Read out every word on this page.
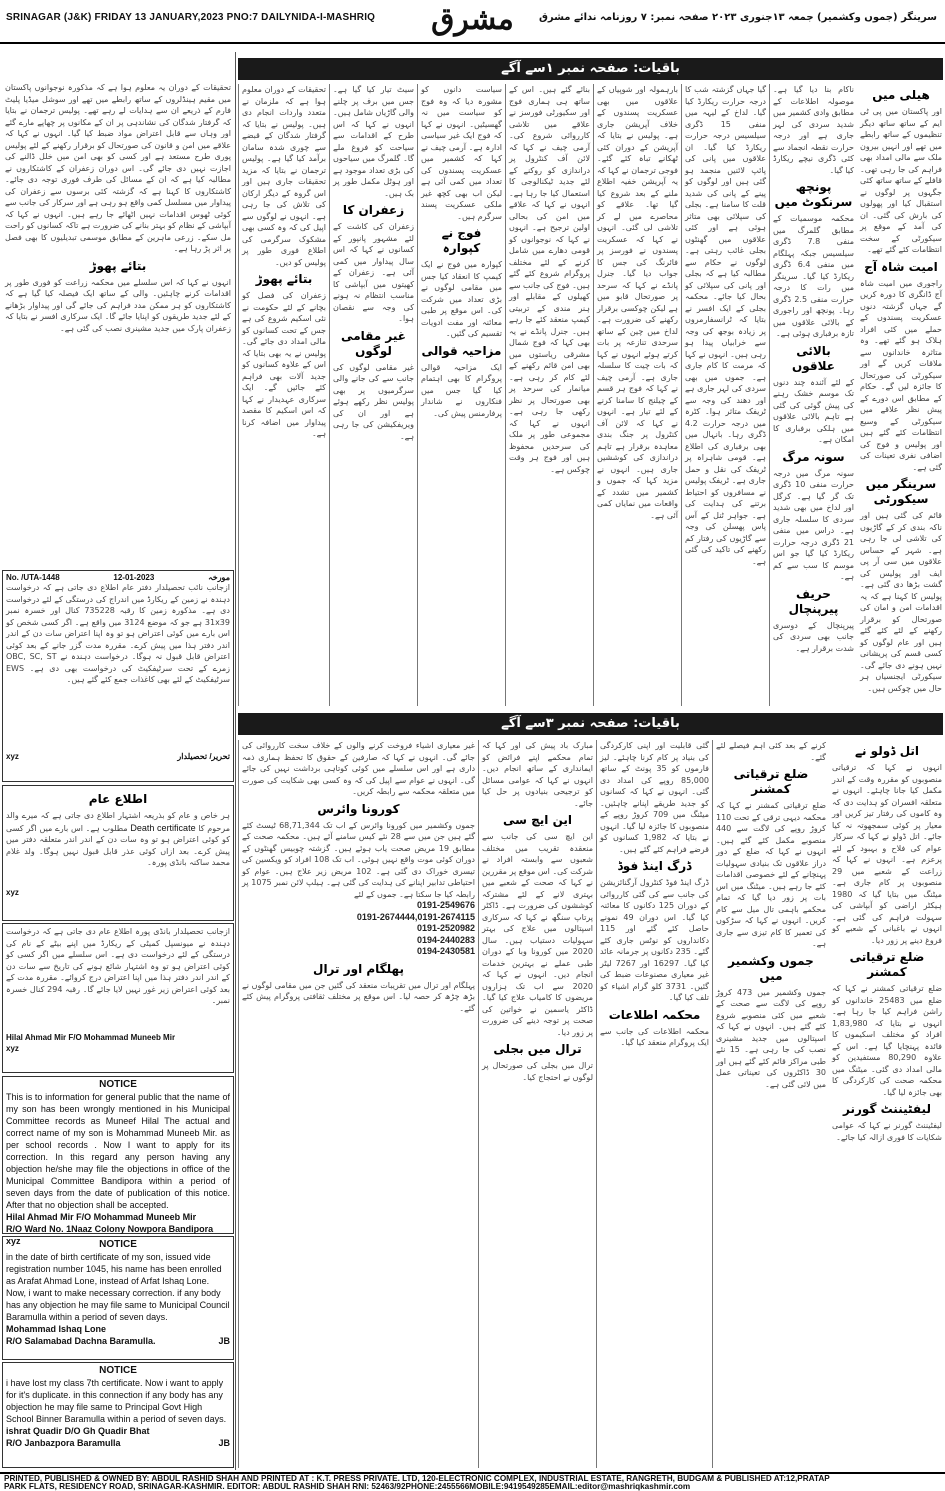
SRINAGAR (J&K) FRIDAY 13 JANUARY,2023 PNO:7 DAILYNIDA-I-MASHRIQ مشرق	سرینگر (جموں وکشمیر) جمعہ ۱۳جنوری ۲۰۲۳ صفحہ نمبر: ۷ روزنامہ ندائے مشرق
تحقیقات کے دوران یہ معلوم ہوا ہے کہ مذکورہ نوجوانوں پاکستان میں مقیم ہینڈلروں کے ساتھ رابطے میں تھے اور سوشل میڈیا پلیٹ فارم کے ذریعے ان سے ہدایات لے رہے تھے۔ پولیس ترجمان نے بتایا کہ گرفتار شدگان کی نشاندہی پر ان کے مکانوں پر چھاپے مارے گئے اور وہاں سے قابل اعتراض مواد ضبط کیا گیا۔ انہوں نے کہا کہ علاقے میں امن و قانون کی صورتحال کو برقرار رکھنے کے لئے پولیس پوری طرح مستعد ہے اور کسی کو بھی امن میں خلل ڈالنے کی اجازت نہیں دی جائے گی۔ اس دوران زعفران کے کاشتکاروں نے مطالبہ کیا ہے کہ ان کے مسائل کی طرف فوری توجہ دی جائے۔ کاشتکاروں کا کہنا ہے کہ گزشتہ کئی برسوں سے زعفران کی پیداوار میں مسلسل کمی واقع ہو رہی ہے اور سرکار کی جانب سے کوئی ٹھوس اقدامات نہیں اٹھائے جا رہے ہیں۔ انہوں نے کہا کہ آبپاشی کے نظام کو بہتر بنانے کی ضرورت ہے تاکہ کسانوں کو راحت مل سکے۔ زرعی ماہرین کے مطابق موسمی تبدیلیوں کا بھی فصل پر اثر پڑ رہا ہے۔
بتائے پھوڑ
انہوں نے کہا کہ اس سلسلے میں محکمہ زراعت کو فوری طور پر اقدامات کرنے چاہئیں۔ والی کے ساتھ ایک فیصلہ کیا گیا ہے کہ کاشتکاروں کو ہر ممکن مدد فراہم کی جائے گی اور پیداوار بڑھانے کے لئے جدید طریقوں کو اپنایا جائے گا۔ ایک سرکاری افسر نے بتایا کہ زعفران پارک میں جدید مشینری نصب کی گئی ہے۔
No. /UTA-1448	12-01-2023	مورخہ
ازجانب نائب تحصیلدار دفتر عام اطلاع دی جاتی ہے کہ درخواست دہندہ نے زمین کے ریکارڈ میں اندراج کی درستگی کے لئے درخواست دی ہے۔ مذکورہ زمین کا رقبہ 735228 کنال اور خسرہ نمبر 31x39 ہے جو کہ موضع 3124 میں واقع ہے۔ اگر کسی شخص کو اس بارے میں کوئی اعتراض ہو تو وہ اپنا اعتراض سات دن کے اندر اندر دفتر ہذا میں پیش کرے۔ مقررہ مدت گزر جانے کے بعد کوئی اعتراض قابل قبول نہ ہوگا۔ درخواست دہندہ نے OBC, SC, ST زمرے کے تحت سرٹیفکیٹ کی درخواست بھی دی ہے۔ EWS سرٹیفکیٹ کے لئے بھی کاغذات جمع کئے گئے ہیں۔
xyz	تحریر/ تحصیلدار
اطلاع عام
ہر خاص و عام کو بذریعہ اشتہار اطلاع دی جاتی ہے کہ میرے والد مرحوم کا Death certificate مطلوب ہے۔ اس بارے میں اگر کسی کو کوئی اعتراض ہو تو وہ سات دن کے اندر اندر متعلقہ دفتر میں پیش کرے۔ بعد ازاں کوئی عذر قابل قبول نہیں ہوگا۔ ولد غلام محمد ساکنہ بانڈی پورہ۔
xyz
ازجانب تحصیلدار بانڈی پورہ اطلاع عام دی جاتی ہے کہ درخواست دہندہ نے میونسپل کمیٹی کے ریکارڈ میں اپنے بیٹے کے نام کی درستگی کے لئے درخواست دی ہے۔ اس سلسلے میں اگر کسی کو کوئی اعتراض ہو تو وہ اشتہار شائع ہونے کی تاریخ سے سات دن کے اندر اندر دفتر ہذا میں اپنا اعتراض درج کروائے۔ مقررہ مدت کے بعد کوئی اعتراض زیر غور نہیں لایا جائے گا۔ رقبہ 294 کنال خسرہ نمبر۔
Hilal Ahmad Mir F/O Mohammad Muneeb Mir
xyz
NOTICE
This is to information for general public that the name of my son has been wrongly mentioned in his Municipal Committee records as Muneef Hilal The actual and correct name of my son is Mohammad Muneeb Mir. as per school records . Now I want to apply for its correction. In this regard any person having any objection he/she may file the objections in office of the Municipal Committee Bandipora within a period of seven days from the date of publication of this notice. After that no objection shall be accepted.
Hilal Ahmad Mir F/O Mohammad Muneeb Mir
R/O Ward No. 1Naaz Colony Nowpora Bandipora xyz	NOTICE
in the date of birth certificate of my son, issued vide registration number 1045, his name has been enrolled as Arafat Ahmad Lone, instead of Arfat Ishaq Lone. Now, i want to make necessary correction. if any body has any objection he may file same to Municipal Council Baramulla within a period of seven days.
Mohammad Ishaq Lone
R/O Salamabad Dachna Baramulla.	JB
NOTICE
i have lost my class 7th certificate. Now i want to apply for it's duplicate. in this connection if any body has any objection he may file same to Principal Govt High School Binner Baramulla within a period of seven days.
ishrat Quadir D/O Gh Quadir Bhat
R/O Janbazpora Baramulla	JB
باقیات: صفحہ نمبر ۱سے آگے
ھیلی میں
اور پاکستان میں پی ٹی ایم کے ساتھ ساتھ دیگر تنظیموں کے ساتھ رابطے میں تھے اور انہیں بیرون ملک سے مالی امداد بھی فراہم کی جا رہی تھی۔ قافلے کے ساتھ ساتھ کئی جگہوں پر لوگوں نے استقبال کیا اور پھولوں کی بارش کی گئی۔ ان کی آمد کے موقع پر سیکورٹی کے سخت انتظامات کئے گئے تھے۔
امیت شاہ آج
راجوری میں امیت شاہ آج ڈانگری کا دورہ کریں گے جہاں گزشتہ دنوں عسکریت پسندوں کے حملے میں کئی افراد ہلاک ہو گئے تھے۔ وہ متاثرہ خاندانوں سے ملاقات کریں گے اور سیکورٹی کی صورتحال کا جائزہ لیں گے۔ حکام کے مطابق اس دورے کے پیش نظر علاقے میں سیکورٹی کے وسیع انتظامات کئے گئے ہیں اور پولیس و فوج کی اضافی نفری تعینات کی گئی ہے۔
سرینگر میں سیکورٹی
قائم کی گئی ہیں اور ناکہ بندی کر کے گاڑیوں کی تلاشی لی جا رہی ہے۔ شہر کے حساس علاقوں میں سی آر پی ایف اور پولیس کی گشت بڑھا دی گئی ہے۔ پولیس کا کہنا ہے کہ یہ اقدامات امن و امان کی صورتحال کو برقرار رکھنے کے لئے کئے گئے ہیں اور عام لوگوں کو کسی قسم کی پریشانی نہیں ہونے دی جائے گی۔ سیکورٹی ایجنسیاں ہر حال میں چوکس ہیں۔
ناکام بنا دیا گیا ہے۔ موصولہ اطلاعات کے مطابق وادی کشمیر میں شدید سردی کی لہر جاری ہے اور درجہ حرارت نقطہ انجماد سے کئی ڈگری نیچے ریکارڈ کیا گیا۔
پونچھ سرنکوٹ میں
محکمہ موسمیات کے مطابق گلمرگ میں منفی 7.8 ڈگری سیلسیس جبکہ پہلگام میں منفی 6.4 ڈگری ریکارڈ کیا گیا۔ سرینگر میں رات کا درجہ حرارت منفی 2.5 ڈگری رہا۔ پونچھ اور راجوری کے بالائی علاقوں میں تازہ برفباری ہوئی ہے۔
بالائی علاقوں
کے لئے آئندہ چند دنوں تک موسم خشک رہنے کی پیش گوئی کی گئی ہے تاہم بالائی علاقوں میں ہلکی برفباری کا امکان ہے۔
سونہ مرگ
سونہ مرگ میں درجہ حرارت منفی 10 ڈگری تک گر گیا ہے۔ کرگل اور لداخ میں بھی شدید سردی کا سلسلہ جاری ہے۔ دراس میں منفی 21 ڈگری درجہ حرارت ریکارڈ کیا گیا جو اس موسم کا سب سے کم ہے۔
حریف پیرپنچال
پیرپنچال کے دوسری جانب بھی سردی کی شدت برقرار ہے۔
گیا جہاں گزشتہ شب کا درجہ حرارت ریکارڈ کیا گیا۔ لداخ کے لیہہ میں منفی 15 ڈگری سیلسیس درجہ حرارت ریکارڈ کیا گیا۔ ان علاقوں میں پانی کی پائپ لائنیں منجمد ہو گئی ہیں اور لوگوں کو پینے کے پانی کی شدید قلت کا سامنا ہے۔ بجلی کی سپلائی بھی متاثر ہوئی ہے اور کئی علاقوں میں گھنٹوں بجلی غائب رہتی ہے۔ لوگوں نے حکام سے مطالبہ کیا ہے کہ بجلی اور پانی کی سپلائی کو بحال کیا جائے۔ محکمہ بجلی کے ایک افسر نے بتایا کہ ٹرانسفارمروں پر زیادہ بوجھ کی وجہ سے خرابیاں پیدا ہو رہی ہیں۔ انہوں نے کہا کہ مرمت کا کام جاری ہے۔ جموں میں بھی سردی کی لہر جاری ہے اور دھند کی وجہ سے ٹریفک متاثر ہوا۔ کٹرہ میں درجہ حرارت 4.2 ڈگری رہا۔ بانہال میں بھی برفباری کی اطلاع ہے۔ قومی شاہراہ پر ٹریفک کی نقل و حمل جاری ہے۔ ٹریفک پولیس نے مسافروں کو احتیاط برتنے کی ہدایت کی ہے۔ جواہر ٹنل کے آس پاس پھسلن کی وجہ سے گاڑیوں کی رفتار کم رکھنے کی تاکید کی گئی ہے۔
بارہمولہ اور شوپیاں کے علاقوں میں بھی عسکریت پسندوں کے خلاف آپریشن جاری ہے۔ پولیس نے بتایا کہ آپریشن کے دوران کئی ٹھکانے تباہ کئے گئے۔ فوجی ترجمان نے کہا کہ یہ آپریشن خفیہ اطلاع ملنے کے بعد شروع کیا گیا تھا۔ علاقے کو محاصرے میں لے کر تلاشی لی گئی۔ انہوں نے کہا کہ عسکریت پسندوں نے فورسز پر فائرنگ کی جس کا جواب دیا گیا۔ جنرل پانڈے نے کہا کہ سرحد پر صورتحال قابو میں ہے لیکن چوکسی برقرار رکھنے کی ضرورت ہے۔ لداخ میں چین کے ساتھ سرحدی تنازعہ پر بات کرتے ہوئے انہوں نے کہا کہ بات چیت کا سلسلہ جاری ہے۔ آرمی چیف نے کہا کہ فوج ہر قسم کے چیلنج کا سامنا کرنے کے لئے تیار ہے۔ انہوں نے کہا کہ لائن آف کنٹرول پر جنگ بندی معاہدہ برقرار ہے تاہم دراندازی کی کوششیں جاری ہیں۔ انہوں نے مزید کہا کہ جموں و کشمیر میں تشدد کے واقعات میں نمایاں کمی آئی ہے۔
بنائے گئے ہیں۔ اس کے ساتھ ہی ہماری فوج اور سکیورٹی فورسز نے علاقے میں تلاشی کارروائی شروع کی۔ آرمی چیف نے کہا کہ لائن آف کنٹرول پر دراندازی کو روکنے کے لئے جدید ٹیکنالوجی کا استعمال کیا جا رہا ہے۔ انہوں نے کہا کہ علاقے میں امن کی بحالی اولین ترجیح ہے۔ انہوں نے کہا کہ نوجوانوں کو قومی دھارے میں شامل کرنے کے لئے مختلف پروگرام شروع کئے گئے ہیں۔ فوج کی جانب سے کھیلوں کے مقابلے اور ہنر مندی کے تربیتی کیمپ منعقد کئے جا رہے ہیں۔ جنرل پانڈے نے یہ بھی کہا کہ فوج شمال مشرقی ریاستوں میں بھی امن قائم رکھنے کے لئے کام کر رہی ہے۔ میانمار کی سرحد پر بھی صورتحال پر نظر رکھی جا رہی ہے۔ انہوں نے کہا کہ مجموعی طور پر ملک کی سرحدیں محفوظ ہیں اور فوج ہر وقت چوکس ہے۔
سیاست دانوں کو مشورہ دیا کہ وہ فوج کو سیاست میں نہ گھسیٹیں۔ انہوں نے کہا کہ فوج ایک غیر سیاسی ادارہ ہے۔ آرمی چیف نے کہا کہ کشمیر میں عسکریت پسندوں کی تعداد میں کمی آئی ہے لیکن اب بھی کچھ غیر ملکی عسکریت پسند سرگرم ہیں۔
فوج نے کپوارہ
کپوارہ میں فوج نے ایک کیمپ کا انعقاد کیا جس میں مقامی لوگوں نے بڑی تعداد میں شرکت کی۔ اس موقع پر طبی معائنہ اور مفت ادویات تقسیم کی گئیں۔
مزاحیہ قوالی
ایک مزاحیہ قوالی پروگرام کا بھی اہتمام کیا گیا جس میں فنکاروں نے شاندار پرفارمنس پیش کی۔
سیٹ تیار کیا گیا ہے۔ جس میں برف پر چلنے والی گاڑیاں شامل ہیں۔ انہوں نے کہا کہ اس طرح کے اقدامات سے سیاحت کو فروغ ملے گا۔ گلمرگ میں سیاحوں کی بڑی تعداد موجود ہے اور ہوٹل مکمل طور پر بک ہیں۔
زعفران کا
زعفران کی کاشت کے لئے مشہور پانپور کے کسانوں نے کہا کہ اس سال پیداوار میں کمی آئی ہے۔ زعفران کے کھیتوں میں آبپاشی کا مناسب انتظام نہ ہونے کی وجہ سے نقصان ہوا۔
غیر مقامی لوگوں
غیر مقامی لوگوں کی جانب سے کی جانے والی سرگرمیوں پر بھی پولیس نظر رکھے ہوئے ہے اور ان کی ویریفکیشن کی جا رہی ہے۔
تحقیقات کے دوران معلوم ہوا ہے کہ ملزمان نے متعدد واردات انجام دی ہیں۔ پولیس نے بتایا کہ گرفتار شدگان کے قبضے سے چوری شدہ سامان برآمد کیا گیا ہے۔ پولیس ترجمان نے بتایا کہ مزید تحقیقات جاری ہیں اور اس گروہ کے دیگر ارکان کی تلاش کی جا رہی ہے۔ انہوں نے لوگوں سے اپیل کی کہ وہ کسی بھی مشکوک سرگرمی کی اطلاع فوری طور پر پولیس کو دیں۔
بتائے پھوڑ
زعفران کی فصل کو بچانے کے لئے حکومت نے نئی اسکیم شروع کی ہے جس کے تحت کسانوں کو مالی امداد دی جائے گی۔ پولیس نے یہ بھی بتایا کہ اس کے علاوہ کسانوں کو جدید آلات بھی فراہم کئے جائیں گے۔ ایک سرکاری عہدیدار نے کہا کہ اس اسکیم کا مقصد پیداوار میں اضافہ کرنا ہے۔
باقیات: صفحہ نمبر ۳سے آگے
اتل ڈولو نے
انہوں نے کہا کہ ترقیاتی منصوبوں کو مقررہ وقت کے اندر مکمل کیا جانا چاہئے۔ انہوں نے متعلقہ افسران کو ہدایت دی کہ وہ کاموں کی رفتار تیز کریں اور معیار پر کوئی سمجھوتہ نہ کیا جائے۔ اتل ڈولو نے کہا کہ سرکار عوام کی فلاح و بہبود کے لئے پرعزم ہے۔ انہوں نے کہا کہ زراعت کے شعبے میں 29 منصوبوں پر کام جاری ہے۔ میٹنگ میں بتایا گیا کہ 1980 ہیکٹر اراضی کو آبپاشی کی سہولت فراہم کی گئی ہے۔ انہوں نے باغبانی کے شعبے کو فروغ دینے پر زور دیا۔
ضلع ترقیاتی کمشنر
ضلع ترقیاتی کمشنر نے کہا کہ ضلع میں 25483 خاندانوں کو راشن فراہم کیا جا رہا ہے۔ انہوں نے بتایا کہ 1,83,980 افراد کو مختلف اسکیموں کا فائدہ پہنچایا گیا ہے۔ اس کے علاوہ 80,290 مستفیدین کو مالی امداد دی گئی۔ میٹنگ میں محکمہ صحت کی کارکردگی کا بھی جائزہ لیا گیا۔
لیفٹیننٹ گورنر
لیفٹیننٹ گورنر نے کہا کہ عوامی شکایات کا فوری ازالہ کیا جائے۔
کرنے کے بعد کئی اہم فیصلے لئے گئے۔
ضلع ترقیاتی کمشنر
ضلع ترقیاتی کمشنر نے کہا کہ محکمہ دیہی ترقی کے تحت 110 کروڑ روپے کی لاگت سے 440 منصوبے مکمل کئے گئے ہیں۔ انہوں نے کہا کہ ضلع کے دور دراز علاقوں تک بنیادی سہولیات پہنچانے کے لئے خصوصی اقدامات کئے جا رہے ہیں۔ میٹنگ میں اس بات پر زور دیا گیا کہ تمام محکمے باہمی تال میل سے کام کریں۔ انہوں نے کہا کہ سڑکوں کی تعمیر کا کام تیزی سے جاری ہے۔
جموں وکشمیر میں
جموں وکشمیر میں 473 کروڑ روپے کی لاگت سے صحت کے شعبے میں کئی منصوبے شروع کئے گئے ہیں۔ انہوں نے کہا کہ اسپتالوں میں جدید مشینری نصب کی جا رہی ہے۔ 15 نئے طبی مراکز قائم کئے گئے ہیں اور 30 ڈاکٹروں کی تعیناتی عمل میں لائی گئی ہے۔
گئی قابلیت اور اپنی کارکردگی کی بنیاد پر کام کرنا چاہئے۔ لیز فارموں کو 35 پونٹ کے ساتھ 85,000 روپے کی امداد دی گئی۔ انہوں نے کہا کہ کسانوں کو جدید طریقے اپنانے چاہئیں۔ میٹنگ میں 709 کروڑ روپے کے منصوبوں کا جائزہ لیا گیا۔ انہوں نے بتایا کہ 1,982 کسانوں کو قرضے فراہم کئے گئے ہیں۔
ڈرگ اینڈ فوڈ
ڈرگ اینڈ فوڈ کنٹرول آرگنائزیشن کی جانب سے کی گئی کارروائی کے دوران 125 دکانوں کا معائنہ کیا گیا۔ اس دوران 49 نمونے حاصل کئے گئے اور 115 دکانداروں کو نوٹس جاری کئے گئے۔ 235 دکانوں پر جرمانہ عائد کیا گیا۔ 16297 اور 7267 لیٹر غیر معیاری مصنوعات ضبط کی گئیں۔ 3731 کلو گرام اشیاء کو تلف کیا گیا۔
محکمہ اطلاعات
محکمہ اطلاعات کی جانب سے ایک پروگرام منعقد کیا گیا۔
مبارک باد پیش کی اور کہا کہ تمام محکمے اپنے فرائض کو ایمانداری کے ساتھ انجام دیں۔ انہوں نے کہا کہ عوامی مسائل کو ترجیحی بنیادوں پر حل کیا جائے۔
این ایچ سی
این ایچ سی کی جانب سے منعقدہ تقریب میں مختلف شعبوں سے وابستہ افراد نے شرکت کی۔ اس موقع پر مقررین نے کہا کہ صحت کے شعبے میں بہتری لانے کے لئے مشترکہ کوششوں کی ضرورت ہے۔ ڈاکٹر پرتاپ سنگھ نے کہا کہ سرکاری اسپتالوں میں علاج کی بہتر سہولیات دستیاب ہیں۔ سال 2020 میں کورونا وبا کے دوران طبی عملے نے بہترین خدمات انجام دیں۔ انہوں نے کہا کہ 2020 سے اب تک ہزاروں مریضوں کا کامیاب علاج کیا گیا۔ ڈاکٹر یاسمین نے خواتین کی صحت پر توجہ دینے کی ضرورت پر زور دیا۔
ترال میں بجلی
ترال میں بجلی کی صورتحال پر لوگوں نے احتجاج کیا۔
غیر معیاری اشیاء فروخت کرنے والوں کے خلاف سخت کارروائی کی جائے گی۔ انہوں نے کہا کہ صارفین کے حقوق کا تحفظ ہماری ذمہ داری ہے اور اس سلسلے میں کوئی کوتاہی برداشت نہیں کی جائے گی۔ انہوں نے عوام سے اپیل کی کہ وہ کسی بھی شکایت کی صورت میں متعلقہ محکمہ سے رابطہ کریں۔
کورونا وائرس
جموں وکشمیر میں کورونا وائرس کے اب تک 68,71,344 ٹیسٹ کئے گئے ہیں جن میں سے 28 نئے کیس سامنے آئے ہیں۔ محکمہ صحت کے مطابق 19 مریض صحت یاب ہوئے ہیں۔ گزشتہ چوبیس گھنٹوں کے دوران کوئی موت واقع نہیں ہوئی۔ اب تک 108 افراد کو ویکسین کی تیسری خوراک دی گئی ہے۔ 102 مریض زیر علاج ہیں۔ عوام کو احتیاطی تدابیر اپنانے کی ہدایت کی گئی ہے۔ ہیلپ لائن نمبر 1075 پر رابطہ کیا جا سکتا ہے۔ جموں کے لئے
0191-2549676
0191-2674444,0191-2674115
0191-2520982
0194-2440283
0194-2430581
پھلگام اور ترال
پہلگام اور ترال میں تقریبات منعقد کی گئیں جن میں مقامی لوگوں نے بڑھ چڑھ کر حصہ لیا۔ اس موقع پر مختلف ثقافتی پروگرام پیش کئے گئے۔
PRINTED, PUBLISHED & OWNED BY: ABDUL RASHID SHAH AND PRINTED AT : K.T. PRESS PRIVATE. LTD, 120-ELECTRONIC COMPLEX, INDUSTRIAL ESTATE, RANGRETH, BUDGAM & PUBLISHED AT:12,PRATAP
PARK FLATS, RESIDENCY ROAD, SRINAGAR-KASHMIR. EDITOR: ABDUL RASHID SHAH RNI: 52463/92PHONE:2455566MOBILE:9419549285EMAIL:editor@mashriqkashmir.com
